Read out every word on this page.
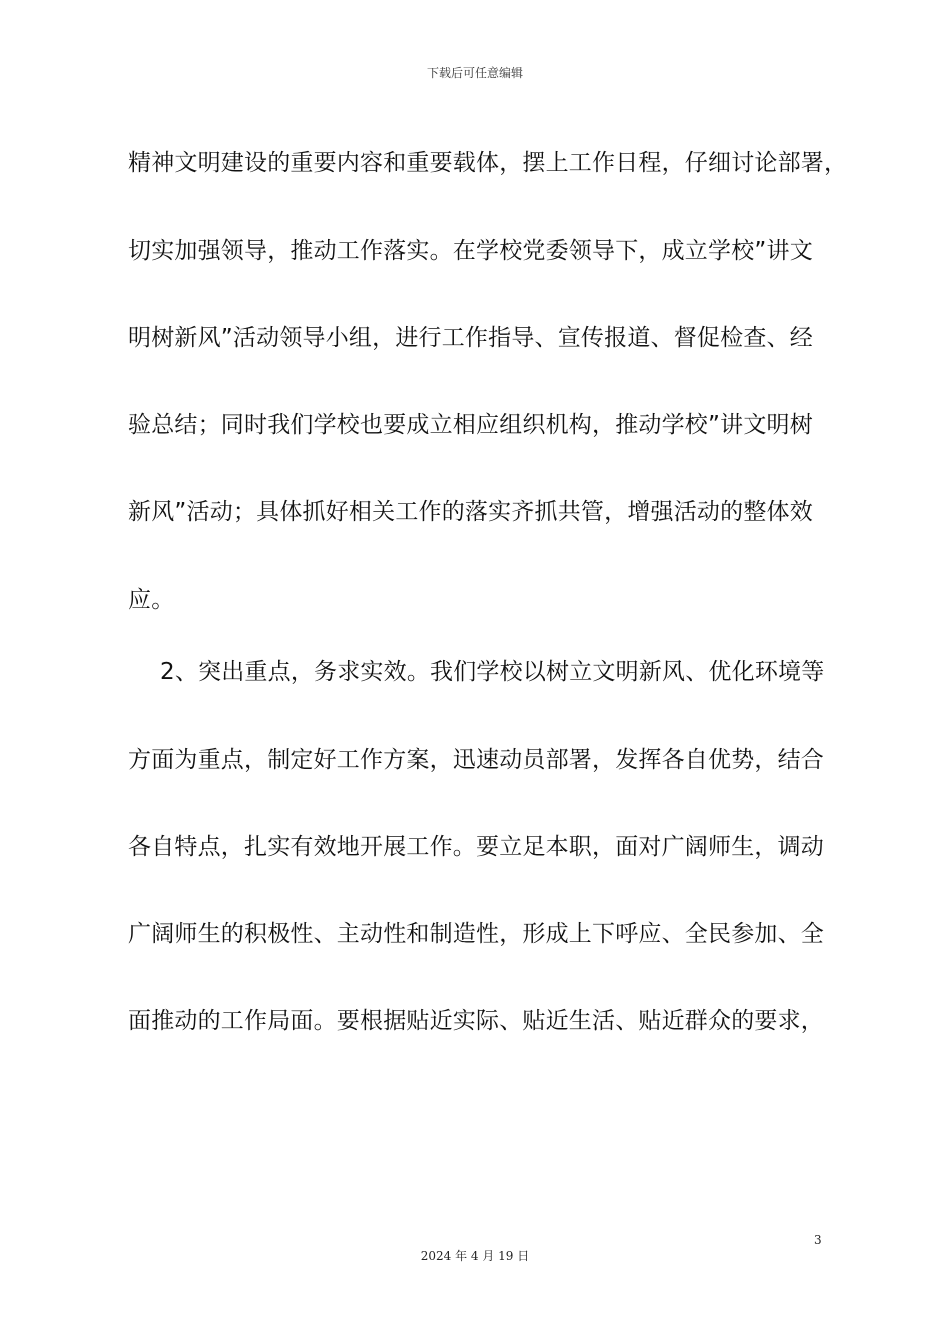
下载后可任意编辑
精神文明建设的重要内容和重要载体，摆上工作日程，仔细讨论部署，
切实加强领导，推动工作落实。在学校党委领导下，成立学校”讲文
明树新风”活动领导小组，进行工作指导、宣传报道、督促检查、经
验总结；同时我们学校也要成立相应组织机构，推动学校”讲文明树
新风”活动；具体抓好相关工作的落实齐抓共管，增强活动的整体效
应。
2、突出重点，务求实效。我们学校以树立文明新风、优化环境等
方面为重点，制定好工作方案，迅速动员部署，发挥各自优势，结合
各自特点，扎实有效地开展工作。要立足本职，面对广阔师生，调动
广阔师生的积极性、主动性和制造性，形成上下呼应、全民参加、全
面推动的工作局面。要根据贴近实际、贴近生活、贴近群众的要求，
3
2024 年 4 月 19 日
